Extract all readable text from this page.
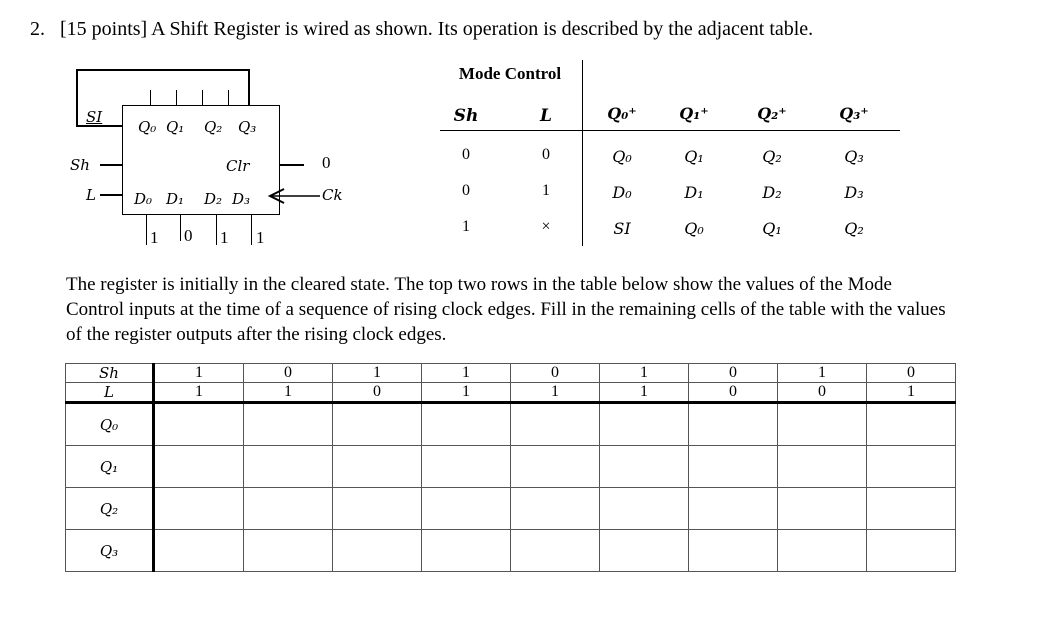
2. [15 points] A Shift Register is wired as shown. Its operation is described by the adjacent table.
SI
Q₀ Q₁ Q₂ Q₃
Sh
L
Clr	0
D₀ D₁ D₂ D₃	Ck
1 0 1 1
Mode Control
Sh	L	Q₀⁺	Q₁⁺	Q₂⁺	Q₃⁺
0	0	Q₀	Q₁	Q₂	Q₃
0	1	D₀	D₁	D₂	D₃
1	×	SI	Q₀	Q₁	Q₂
The register is initially in the cleared state. The top two rows in the table below show the values of the Mode Control inputs at the time of a sequence of rising clock edges. Fill in the remaining cells of the table with the values of the register outputs after the rising clock edges.
Sh	1	0	1	1	0	1	0	1	0
L	1	1	0	1	1	1	0	0	1
Q₀									
Q₁									
Q₂									
Q₃									
